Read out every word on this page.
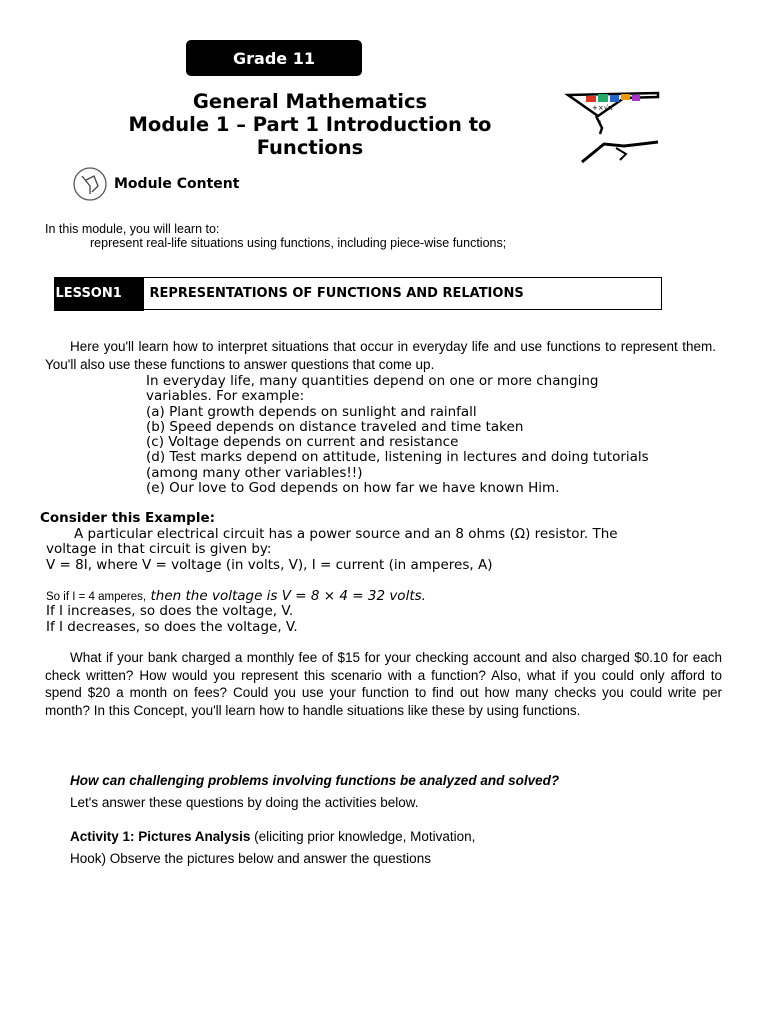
Grade 11
General Mathematics
Module 1 – Part 1 Introduction to
Functions
+×√π
?
Module Content
In this module, you will learn to:
represent real-life situations using functions, including piece-wise functions;
LESSON1	REPRESENTATIONS OF FUNCTIONS AND RELATIONS

Here you'll learn how to interpret situations that occur in everyday life and use functions to represent them. You'll also use these functions to answer questions that come up.

In everyday life, many quantities depend on one or more changing
variables. For example:
(a) Plant growth depends on sunlight and rainfall
(b) Speed depends on distance traveled and time taken
(c) Voltage depends on current and resistance
(d) Test marks depend on attitude, listening in lectures and doing tutorials
(among many other variables!!)
(e) Our love to God depends on how far we have known Him.
Consider this Example:
A particular electrical circuit has a power source and an 8 ohms (Ω) resistor. The
voltage in that circuit is given by:
V = 8I, where V = voltage (in volts, V), I = current (in amperes, A)
So if I = 4 amperes, then the voltage is V = 8 × 4 = 32 volts.
If I increases, so does the voltage, V.
If I decreases, so does the voltage, V.

What if your bank charged a monthly fee of $15 for your checking account and also charged $0.10 for each check written? How would you represent this scenario with a function? Also, what if you could only afford to spend $20 a month on fees? Could you use your function to find out how many checks you could write per month? In this Concept, you'll learn how to handle situations like these by using functions.

How can challenging problems involving functions be analyzed and solved?
Let's answer these questions by doing the activities below.
Activity 1: Pictures Analysis (eliciting prior knowledge, Motivation,
Hook) Observe the pictures below and answer the questions
